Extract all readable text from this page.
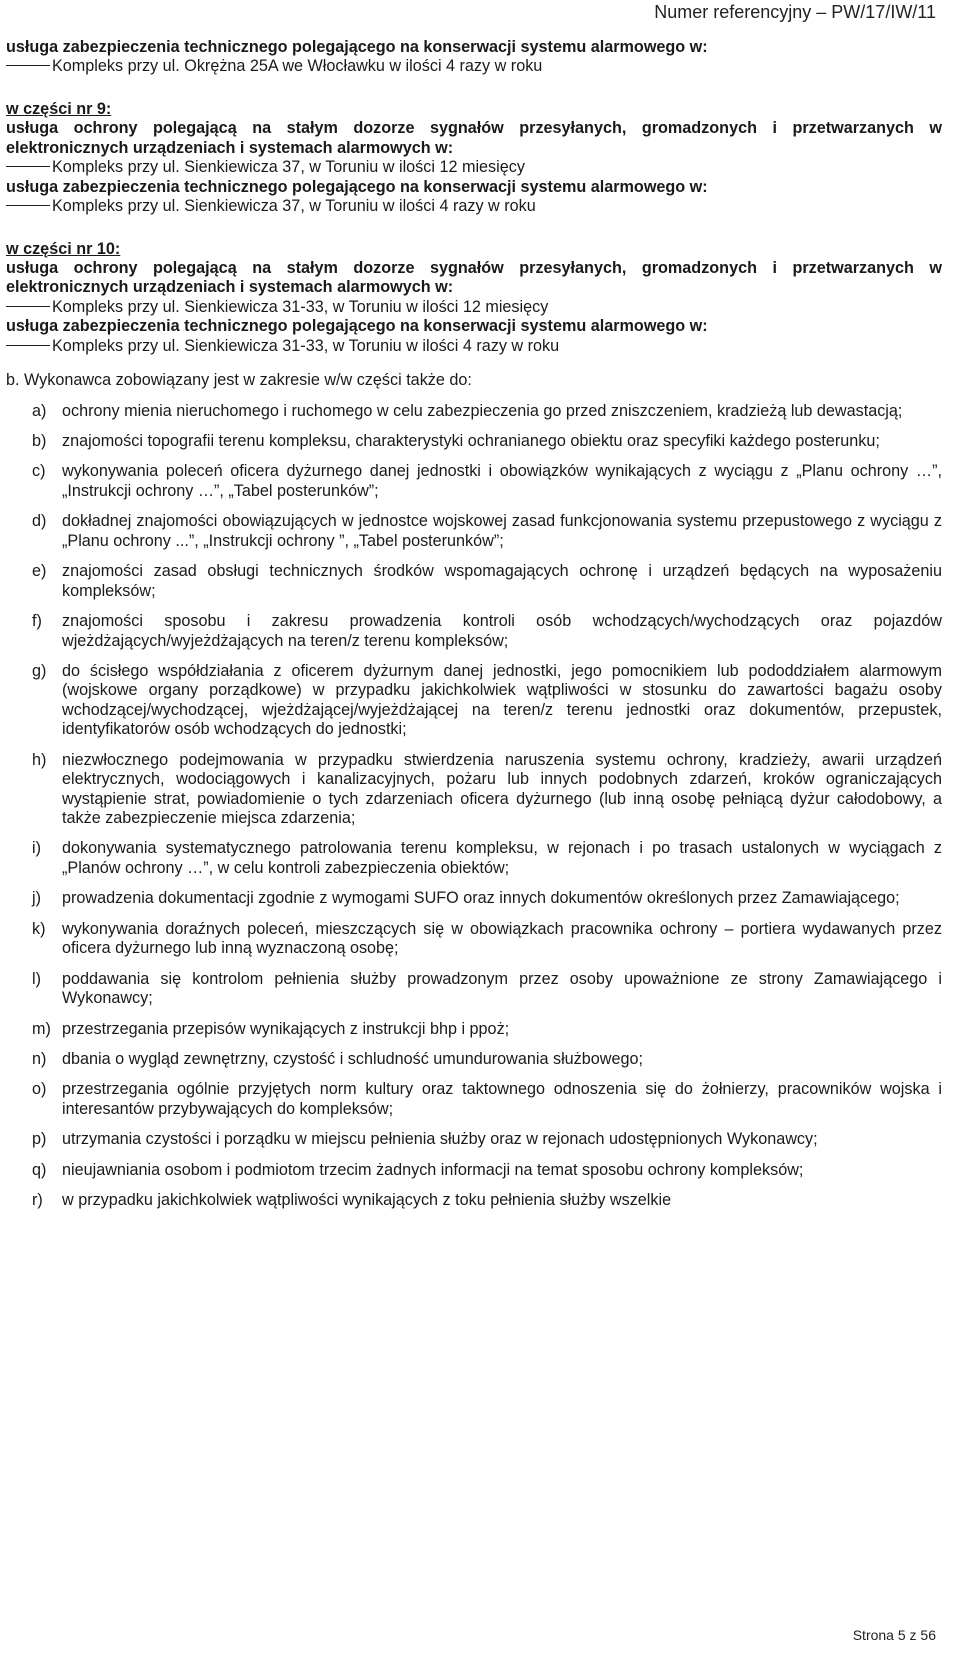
Numer referencyjny – PW/17/IW/11

usługa zabezpieczenia technicznego polegającego na konserwacji systemu alarmowego w:

Kompleks przy ul. Okrężna 25A we Włocławku w ilości 4 razy w roku

w części nr 9:

usługa ochrony polegającą na stałym dozorze sygnałów przesyłanych, gromadzonych i przetwarzanych w elektronicznych urządzeniach i systemach alarmowych w:

Kompleks przy ul. Sienkiewicza 37, w Toruniu w ilości 12 miesięcy

usługa zabezpieczenia technicznego polegającego na konserwacji systemu alarmowego w:

Kompleks przy ul. Sienkiewicza 37, w Toruniu w ilości 4 razy w roku

w części nr 10:

usługa ochrony polegającą na stałym dozorze sygnałów przesyłanych, gromadzonych i przetwarzanych w elektronicznych urządzeniach i systemach alarmowych w:

Kompleks przy ul. Sienkiewicza 31-33, w Toruniu w ilości 12 miesięcy

usługa zabezpieczenia technicznego polegającego na konserwacji systemu alarmowego w:

Kompleks przy ul. Sienkiewicza 31-33, w Toruniu w ilości 4 razy w roku

b. Wykonawca zobowiązany jest w zakresie w/w części także do:

a) ochrony mienia nieruchomego i ruchomego w celu zabezpieczenia go przed zniszczeniem, kradzieżą lub dewastacją;
b) znajomości topografii terenu kompleksu, charakterystyki ochranianego obiektu oraz specyfiki każdego posterunku;
c)	wykonywania poleceń oficera dyżurnego danej jednostki i obowiązków wynikających z wyciągu z „Planu ochrony …”, „Instrukcji ochrony …”, „Tabel posterunków”;
d) dokładnej znajomości obowiązujących w jednostce wojskowej zasad funkcjonowania systemu przepustowego z wyciągu z „Planu ochrony ...”, „Instrukcji ochrony ”, „Tabel posterunków”;
e) znajomości zasad obsługi technicznych środków wspomagających ochronę i urządzeń będących na wyposażeniu kompleksów;
f)	znajomości sposobu i zakresu prowadzenia kontroli osób wchodzących/wychodzących oraz pojazdów wjeżdżających/wyjeżdżających na teren/z terenu kompleksów;
g) do ścisłego współdziałania z oficerem dyżurnym danej jednostki, jego pomocnikiem lub pododdziałem alarmowym (wojskowe organy porządkowe) w przypadku jakichkolwiek wątpliwości w stosunku do zawartości bagażu osoby wchodzącej/wychodzącej, wjeżdżającej/wyjeżdżającej na teren/z terenu jednostki oraz dokumentów, przepustek, identyfikatorów osób wchodzących do jednostki;
h) niezwłocznego podejmowania w przypadku stwierdzenia naruszenia systemu ochrony, kradzieży, awarii urządzeń elektrycznych, wodociągowych i kanalizacyjnych, pożaru lub innych podobnych zdarzeń, kroków ograniczających wystąpienie strat, powiadomienie o tych zdarzeniach oficera dyżurnego (lub inną osobę pełniącą dyżur całodobowy, a także zabezpieczenie miejsca zdarzenia;
i)	dokonywania systematycznego patrolowania terenu kompleksu, w rejonach i po trasach ustalonych w wyciągach z „Planów ochrony …”, w celu kontroli zabezpieczenia obiektów;
j)	prowadzenia dokumentacji zgodnie z wymogami SUFO oraz innych dokumentów określonych przez Zamawiającego;
k)	wykonywania doraźnych poleceń, mieszczących się w obowiązkach pracownika ochrony – portiera wydawanych przez oficera dyżurnego lub inną wyznaczoną osobę;
l)	poddawania się kontrolom pełnienia służby prowadzonym przez osoby upoważnione ze strony Zamawiającego i Wykonawcy;
m) przestrzegania przepisów wynikających z instrukcji bhp i ppoż;
n) dbania o wygląd zewnętrzny, czystość i schludność umundurowania służbowego;
o) przestrzegania ogólnie przyjętych norm kultury oraz taktownego odnoszenia się do żołnierzy, pracowników wojska i interesantów przybywających do kompleksów;
p) utrzymania czystości i porządku w miejscu pełnienia służby oraz w rejonach udostępnionych Wykonawcy;
q) nieujawniania osobom i podmiotom trzecim żadnych informacji na temat sposobu ochrony kompleksów;
r)	w przypadku jakichkolwiek wątpliwości wynikających z toku pełnienia służby wszelkie
Strona 5 z 56
